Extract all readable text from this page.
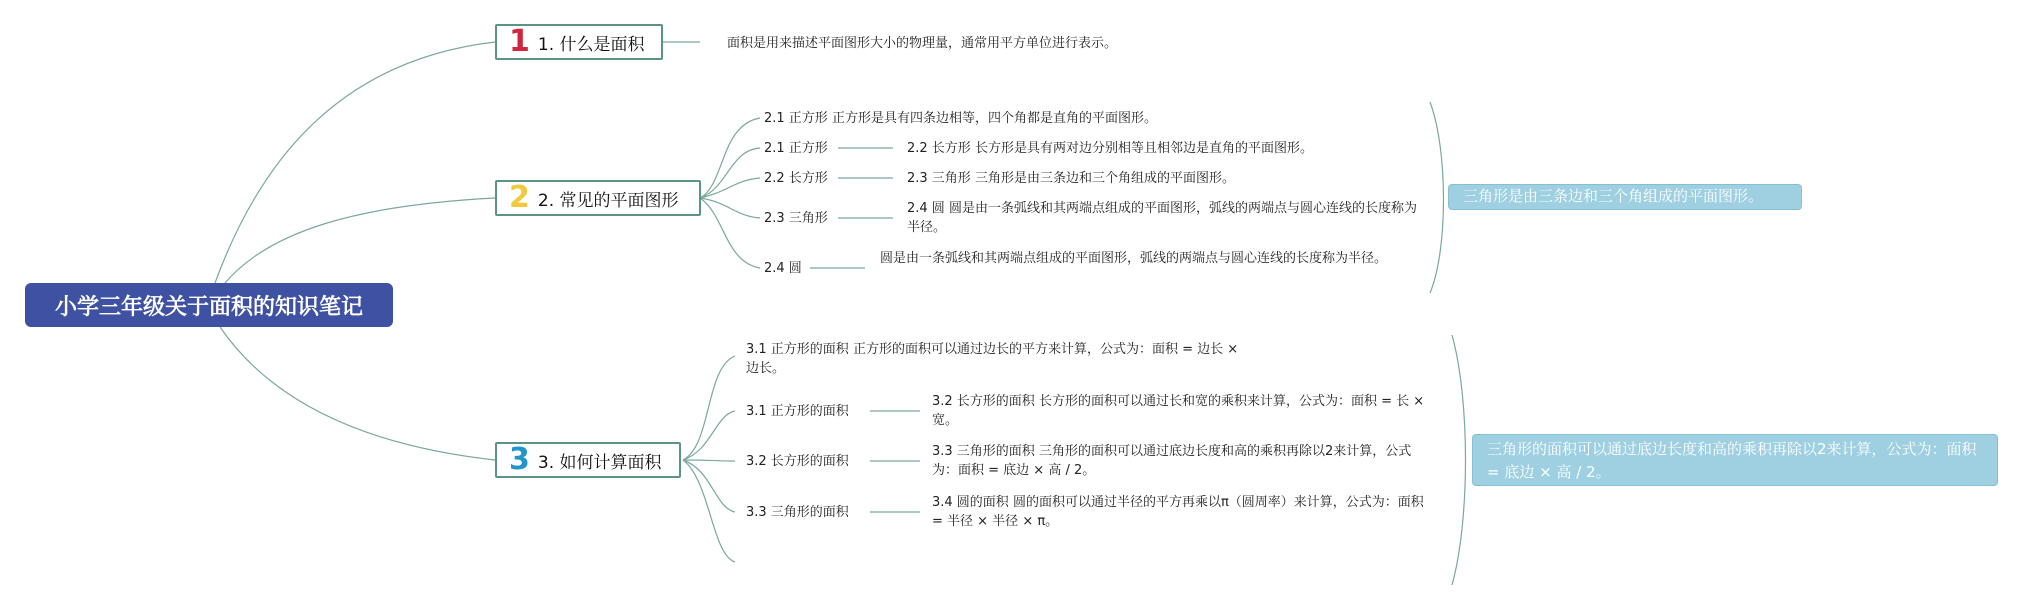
小学三年级关于面积的知识笔记
1 1. 什么是面积	面积是用来描述平面图形大小的物理量，通常用平方单位进行表示。
2 2. 常见的平面图形
2.1 正方形 正方形是具有四条边相等，四个角都是直角的平面图形。
2.1 正方形	2.2 长方形 长方形是具有两对边分别相等且相邻边是直角的平面图形。
2.2 长方形	2.3 三角形 三角形是由三条边和三个角组成的平面图形。
2.3 三角形
2.4 圆 圆是由一条弧线和其两端点组成的平面图形，弧线的两端点与圆心连线的长度称为半径。
2.4 圆
圆是由一条弧线和其两端点组成的平面图形，弧线的两端点与圆心连线的长度称为半径。
三角形是由三条边和三个角组成的平面图形。
3 3. 如何计算面积
3.1 正方形的面积 正方形的面积可以通过边长的平方来计算，公式为：面积 = 边长 × 边长。
3.1 正方形的面积
3.2 长方形的面积 长方形的面积可以通过长和宽的乘积来计算，公式为：面积 = 长 × 宽。
3.2 长方形的面积
3.3 三角形的面积 三角形的面积可以通过底边长度和高的乘积再除以2来计算，公式为：面积 = 底边 × 高 / 2。
3.3 三角形的面积
3.4 圆的面积 圆的面积可以通过半径的平方再乘以π（圆周率）来计算，公式为：面积 = 半径 × 半径 × π。
三角形的面积可以通过底边长度和高的乘积再除以2来计算，公式为：面积 = 底边 × 高 / 2。
